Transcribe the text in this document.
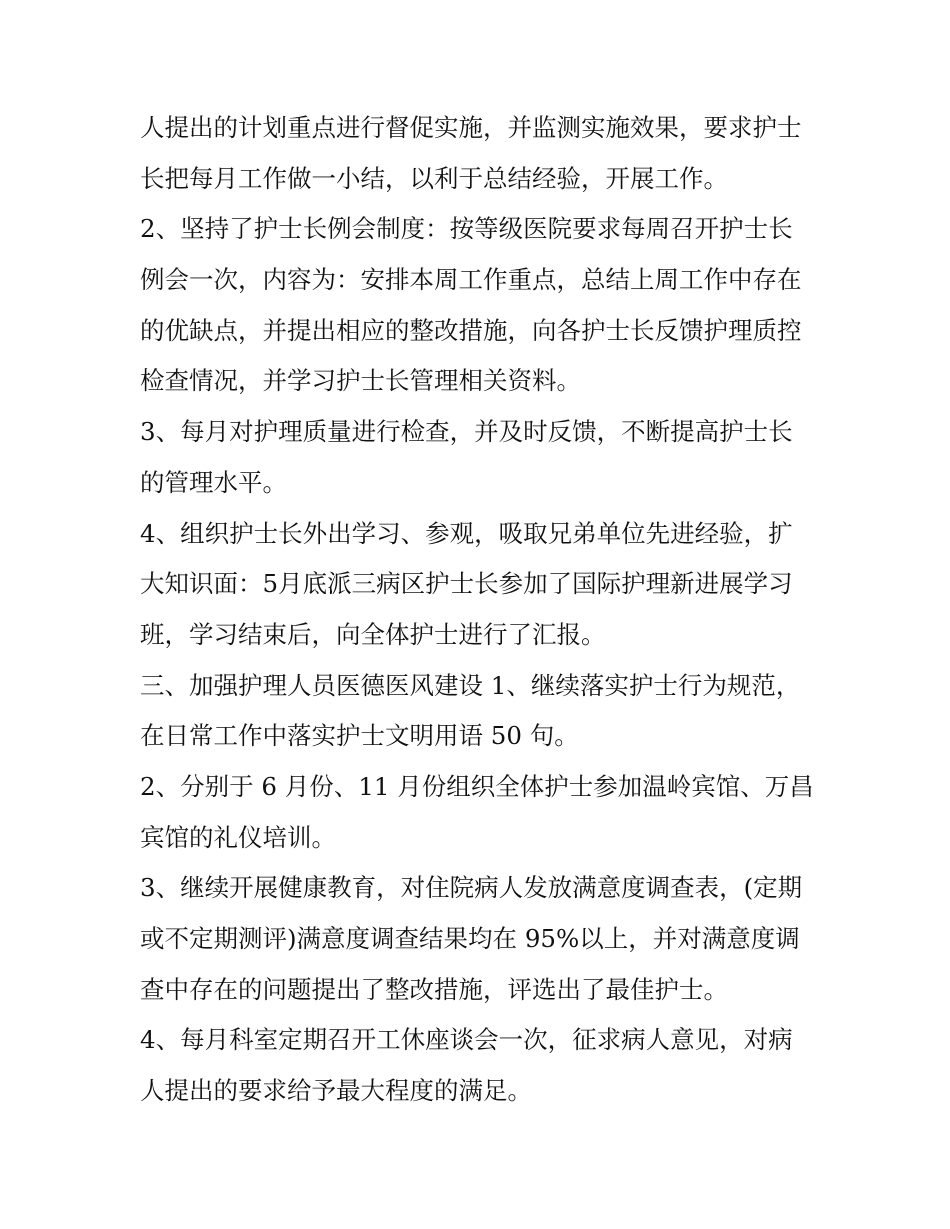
人提出的计划重点进行督促实施，并监测实施效果，要求护士
长把每月工作做一小结，以利于总结经验，开展工作。
2、坚持了护士长例会制度：按等级医院要求每周召开护士长
例会一次，内容为：安排本周工作重点，总结上周工作中存在
的优缺点，并提出相应的整改措施，向各护士长反馈护理质控
检查情况，并学习护士长管理相关资料。
3、每月对护理质量进行检查，并及时反馈，不断提高护士长
的管理水平。
4、组织护士长外出学习、参观，吸取兄弟单位先进经验，扩
大知识面：5月底派三病区护士长参加了国际护理新进展学习
班，学习结束后，向全体护士进行了汇报。
三、加强护理人员医德医风建设 1、继续落实护士行为规范，
在日常工作中落实护士文明用语 50 句。
2、分别于 6 月份、11 月份组织全体护士参加温岭宾馆、万昌
宾馆的礼仪培训。
3、继续开展健康教育，对住院病人发放满意度调查表，(定期
或不定期测评)满意度调查结果均在 95%以上，并对满意度调
查中存在的问题提出了整改措施，评选出了最佳护士。
4、每月科室定期召开工休座谈会一次，征求病人意见，对病
人提出的要求给予最大程度的满足。
